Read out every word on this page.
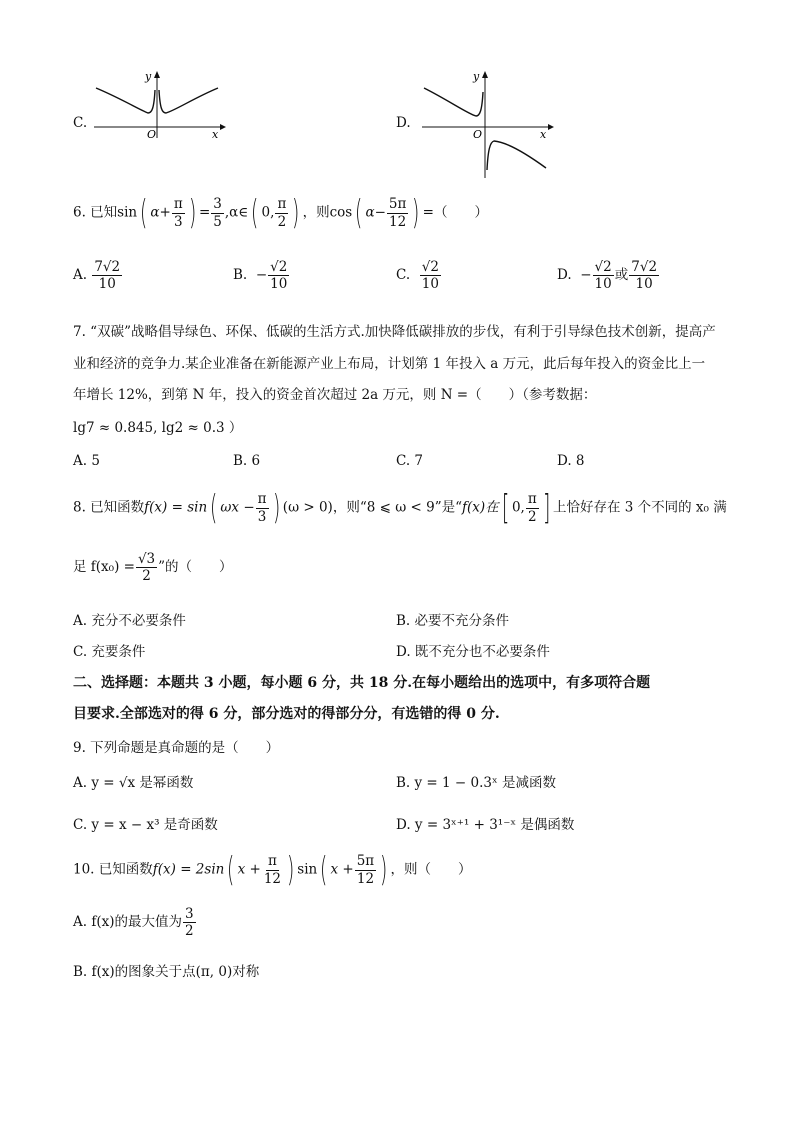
C.
y
O	x
D.
y
O	x
6. 已知sin( $\alpha+ \frac{\pi}{3}$ ) = $\frac{3}{5}$ ,α∈( 0, $\frac{\pi}{2}$ ) ，则cos( $\alpha- \frac{5\pi}{12}$ ) =（　　）
A. $\frac{7√2}{10}$	B. − $\frac{√2}{10}$	C. $\frac{√2}{10}$	D. − $\frac{√2}{10}$ 或 $\frac{7√2}{10}$
7. “双碳”战略倡导绿色、环保、低碳的生活方式.加快降低碳排放的步伐，有利于引导绿色技术创新，提高产
业和经济的竞争力.某企业准备在新能源产业上布局，计划第 1 年投入 a 万元，此后每年投入的资金比上一
年增长 12%，到第 N 年，投入的资金首次超过 2a 万元，则 N =（　　）（参考数据：
lg7 ≈ 0.845, lg2 ≈ 0.3 ）
A. 5	B. 6	C. 7	D. 8
8. 已知函数f(x) = sin( $\omega x - \frac{\pi}{3}$ ) (ω > 0)，则“8 ⩽ ω < 9”是“f(x)在[ 0, $\frac{\pi}{2}$ ] 上恰好存在 3 个不同的 x₀ 满
足 $f(x_0) = \frac{√3}{2}$ ”的（　　）
A. 充分不必要条件	B. 必要不充分条件
C. 充要条件	D. 既不充分也不必要条件
二、选择题：本题共 3 小题，每小题 6 分，共 18 分.在每小题给出的选项中，有多项符合题
目要求.全部选对的得 6 分，部分选对的得部分分，有选错的得 0 分.
9. 下列命题是真命题的是（　　）
A. y = √x 是幂函数	B. y = 1 − 0.3ˣ 是减函数
C. y = x − x³ 是奇函数	D. y = 3ˣ⁺¹ + 3¹⁻ˣ 是偶函数
10. 已知函数f(x) = 2sin( $x + \frac{\pi}{12}$ ) sin( $x + \frac{5\pi}{12}$ ) ，则（　　）
A. f(x)的最大值为 $\frac{3}{2}$
B. f(x)的图象关于点(π, 0)对称
